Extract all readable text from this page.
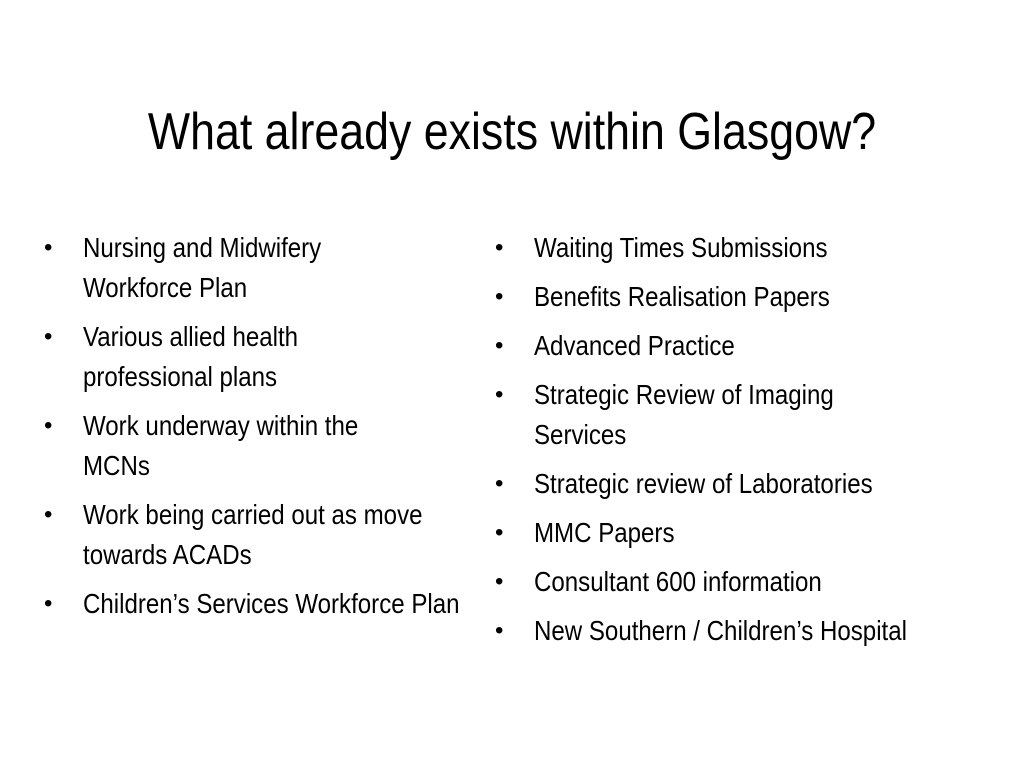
What already exists within Glasgow?
• Nursing and Midwifery Workforce Plan
• Various allied health professional plans
• Work underway within the MCNs
• Work being carried out as move towards ACADs
• Children’s Services Workforce Plan
• Waiting Times Submissions
• Benefits Realisation Papers
• Advanced Practice
• Strategic Review of Imaging Services
• Strategic review of Laboratories
• MMC Papers
• Consultant 600 information
• New Southern / Children’s Hospital
